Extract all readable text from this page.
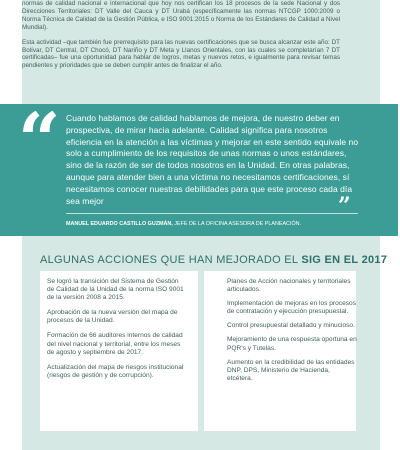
normas de calidad nacional e internacional que hoy nos certifican los 18 procesos de la sede Nacional y dos Direcciones Territoriales: DT Valle del Cauca y DT Urabá (específicamente las normas NTCGP 1000:2009 o Norma Técnica de Calidad de la Gestión Pública, e ISO 9001:2015 o Norma de los Estándares de Calidad a Nivel Mundial).

Esta actividad –que también fue prerrequisito para las nuevas certificaciones que se busca alcanzar este año: DT Bolívar, DT Central, DT Chocó, DT Nariño y DT Meta y Llanos Orientales, con las cuales se completarían 7 DT certificadas– fue una oportunidad para hablar de logros, metas y nuevos retos, e igualmente para revisar temas pendientes y prioridades que se deben cumplir antes de finalizar el año.

“ Cuando hablamos de calidad hablamos de mejora, de nuestro deber en prospectiva, de mirar hacia adelante. Calidad significa para nosotros eficiencia en la atención a las víctimas y mejorar en este sentido equivale no solo a cumplimiento de los requisitos de unas normas o unos estándares, sino de la razón de ser de todos nosotros en la Unidad. En otras palabras, aunque para atender bien a una víctima no necesitamos certificaciones, sí necesitamos conocer nuestras debilidades para que este proceso cada día sea mejor	”
MANUEL EDUARDO CASTILLO GUZMÁN, JEFE DE LA OFICINA ASESORA DE PLANEACIÓN.
ALGUNAS ACCIONES QUE HAN MEJORADO EL SIG EN EL 2017

Se logró la transición del Sistema de Gestión de Calidad de la Unidad de la norma ISO 9001 de la versión 2008 a 2015.

Aprobación de la nueva versión del mapa de procesos de la Unidad.

Formación de 66 auditores internos de calidad del nivel nacional y territorial, entre los meses de agosto y septiembre de 2017.

Actualización del mapa de riesgos institucional (riesgos de gestión y de corrupción).

Planes de Acción nacionales y territoriales articulados.

Implementación de mejoras en los procesos de contratación y ejecución presupuestal.

Control presupuestal detallado y minucioso.

Mejoramiento de una respuesta oportuna en PQR’s y Tutelas.

Aumento en la credibilidad de las entidades DNP, DPS, Ministerio de Hacienda, etcétera.
